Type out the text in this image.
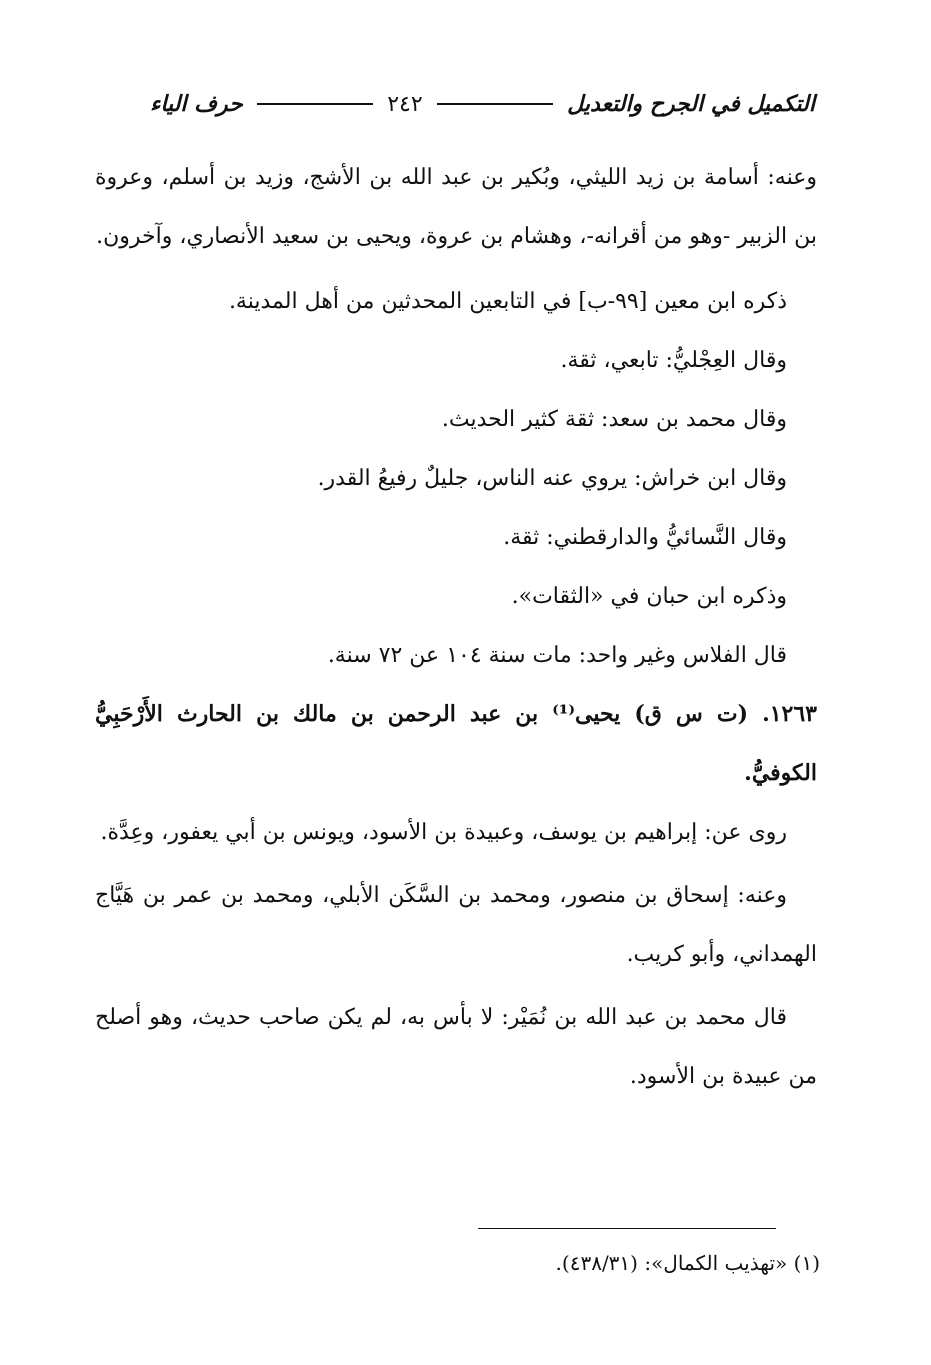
التكميل في الجرح والتعديل
٢٤٢
حرف الياء

وعنه: أسامة بن زيد الليثي، وبُكير بن عبد الله بن الأشج، وزيد بن أسلم، وعروة بن الزبير -وهو من أقرانه-، وهشام بن عروة، ويحيى بن سعيد الأنصاري، وآخرون.

ذكره ابن معين [٩٩-ب] في التابعين المحدثين من أهل المدينة.

وقال العِجْليُّ: تابعي، ثقة.

وقال محمد بن سعد: ثقة كثير الحديث.

وقال ابن خراش: يروي عنه الناس، جليلٌ رفيعُ القدر.

وقال النَّسائيُّ والدارقطني: ثقة.

وذكره ابن حبان في «الثقات».

قال الفلاس وغير واحد: مات سنة ١٠٤ عن ٧٢ سنة.

١٢٦٣. (ت س ق) يحيى⁽¹⁾ بن عبد الرحمن بن مالك بن الحارث الأَرْحَبِيُّ الكوفيُّ.

روى عن: إبراهيم بن يوسف، وعبيدة بن الأسود، ويونس بن أبي يعفور، وعِدَّة.

وعنه: إسحاق بن منصور، ومحمد بن السَّكَن الأبلي، ومحمد بن عمر بن هَيَّاج الهمداني، وأبو كريب.

قال محمد بن عبد الله بن نُمَيْر: لا بأس به، لم يكن صاحب حديث، وهو أصلح من عبيدة بن الأسود.

(١) «تهذيب الكمال»: (٤٣٨/٣١).
